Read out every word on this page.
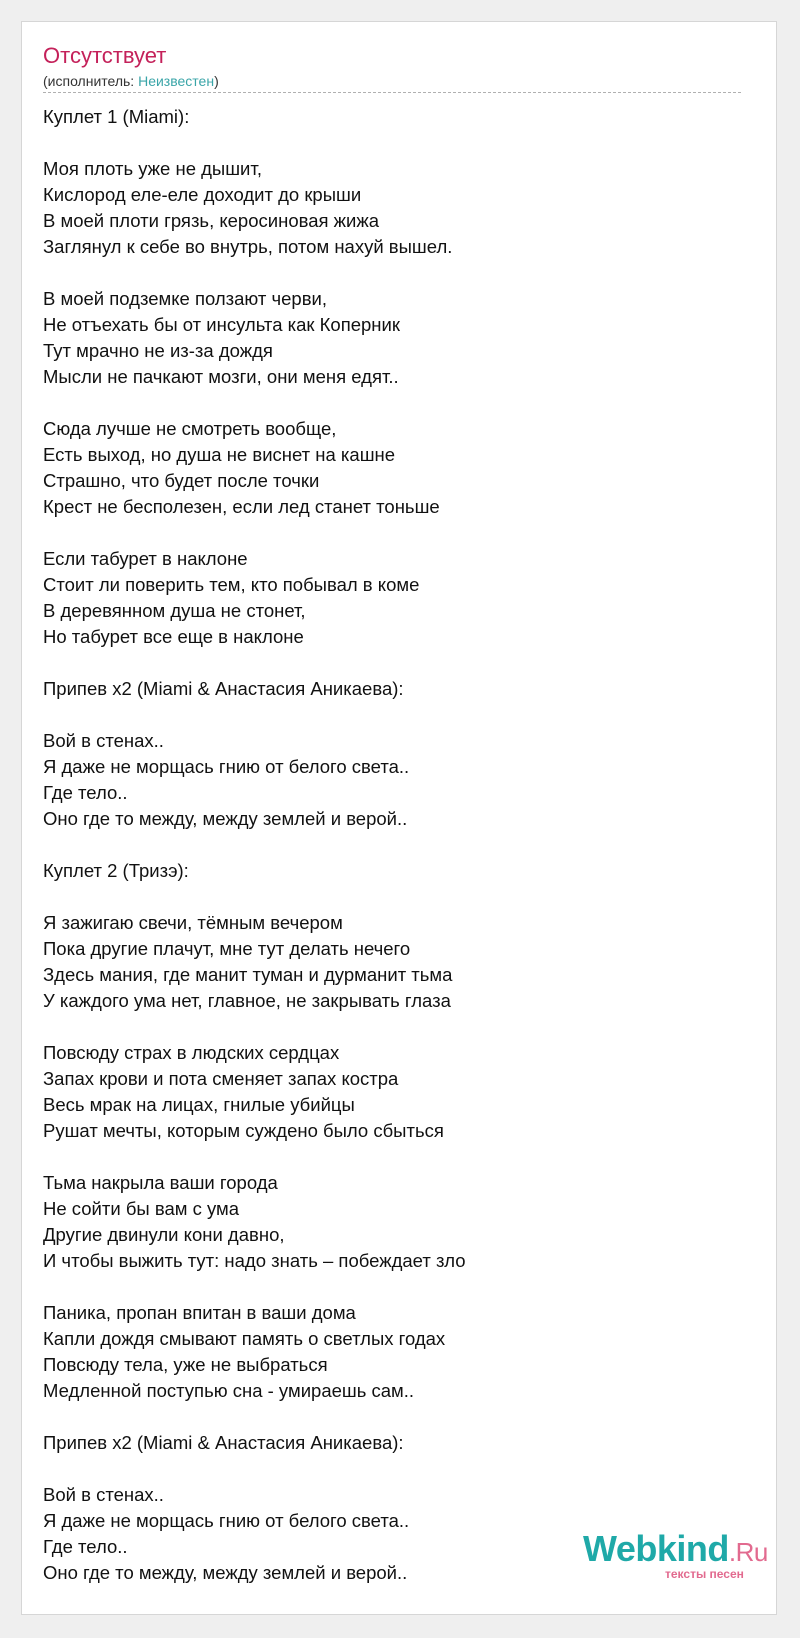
Отсутствует
(исполнитель: Неизвестен)
Куплет 1 (Miami):
Моя плоть уже не дышит,
Кислород еле-еле доходит до крыши
В моей плоти грязь, керосиновая жижа
Заглянул к себе во внутрь, потом нахуй вышел.
В моей подземке ползают черви,
Не отъехать бы от инсульта как Коперник
Тут мрачно не из-за дождя
Мысли не пачкают мозги, они меня едят..
Сюда лучше не смотреть вообще,
Есть выход, но душа не виснет на кашне
Страшно, что будет после точки
Крест не бесполезен, если лед станет тоньше
Если табурет в наклоне
Стоит ли поверить тем, кто побывал в коме
В деревянном душа не стонет,
Но табурет все еще в наклоне
Припев x2 (Miami & Анастасия Аникаева):
Вой в стенах..
Я даже не морщась гнию от белого света..
Где тело..
Оно где то между, между землей и верой..
Куплет 2 (Тризэ):
Я зажигаю свечи, тёмным вечером
Пока другие плачут, мне тут делать нечего
Здесь мания, где манит туман и дурманит тьма
У каждого ума нет, главное, не закрывать глаза
Повсюду страх в людских сердцах
Запах крови и пота сменяет запах костра
Весь мрак на лицах, гнилые убийцы
Рушат мечты, которым суждено было сбыться
Тьма накрыла ваши города
Не сойти бы вам с ума
Другие двинули кони давно,
И чтобы выжить тут: надо знать – побеждает зло
Паника, пропан впитан в ваши дома
Капли дождя смывают память о светлых годах
Повсюду тела, уже не выбраться
Медленной поступью сна - умираешь сам..
Припев x2 (Miami & Анастасия Аникаева):
Вой в стенах..
Я даже не морщась гнию от белого света..
Где тело..
Оно где то между, между землей и верой..
Webkind.Ru
тексты песен
